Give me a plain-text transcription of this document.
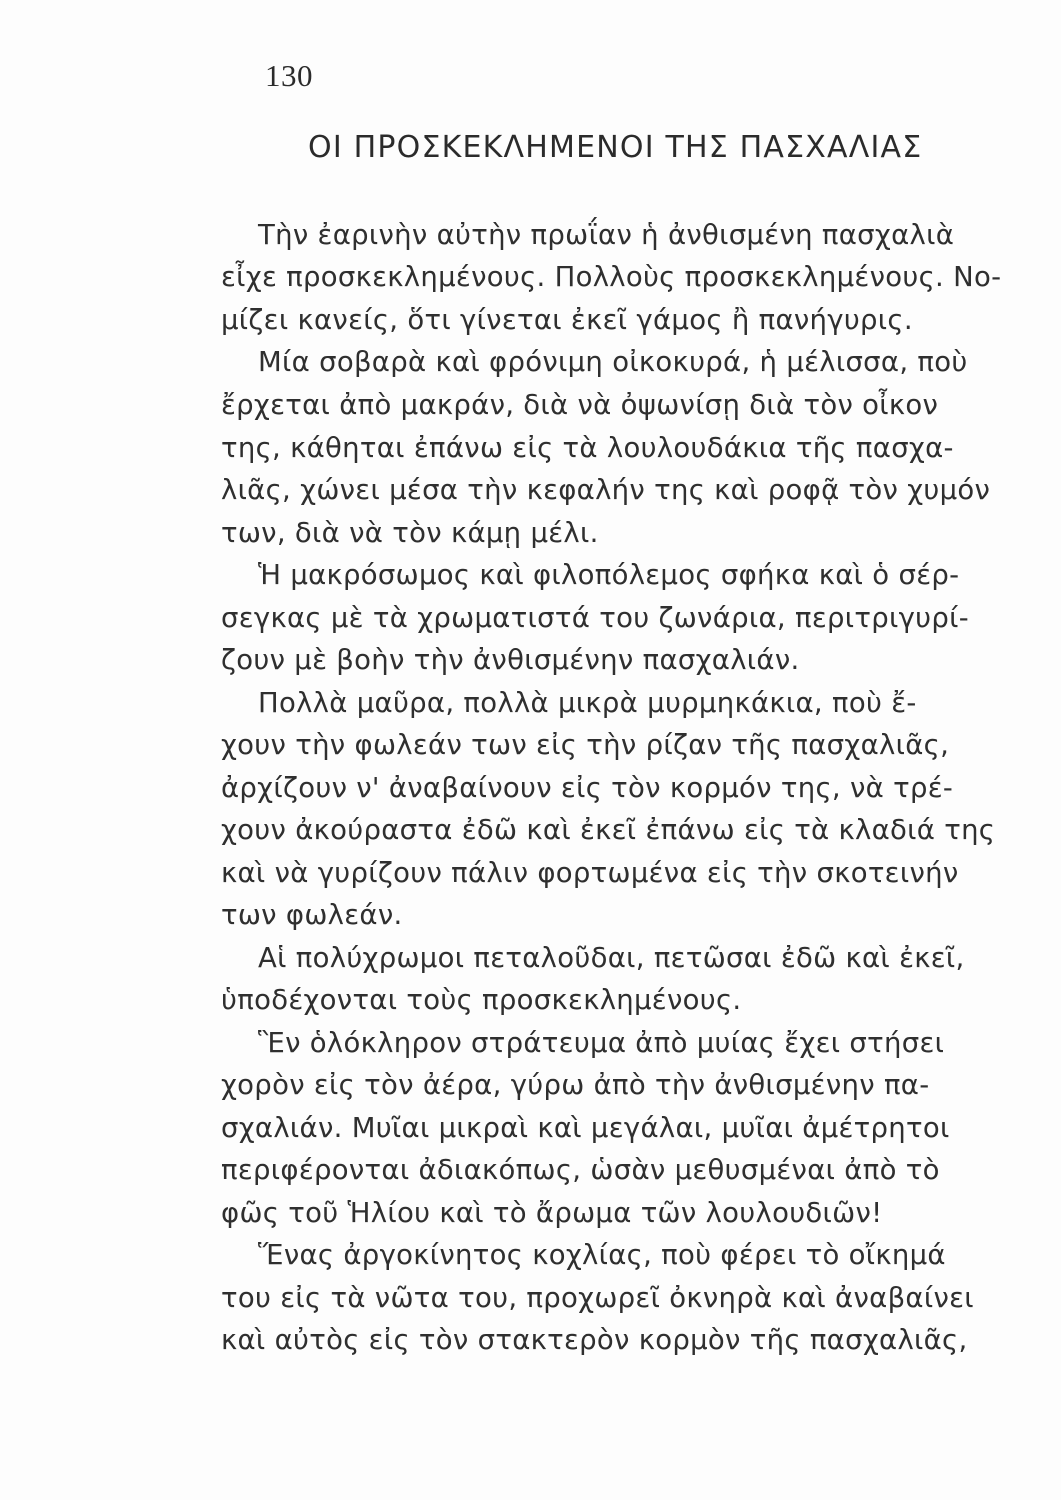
130
ΟΙ ΠΡΟΣΚΕΚΛΗΜΕΝΟΙ ΤΗΣ ΠΑΣΧΑΛΙΑΣ
Τὴν ἐαρινὴν αὐτὴν πρωΐαν ἡ ἀνθισμένη πασχαλιὰ
εἶχε προσκεκλημένους. Πολλοὺς προσκεκλημένους. Νο-
μίζει κανείς, ὅτι γίνεται ἐκεῖ γάμος ἢ πανήγυρις.
Μία σοβαρὰ καὶ φρόνιμη οἰκοκυρά, ἡ μέλισσα, ποὺ
ἔρχεται ἀπὸ μακράν, διὰ νὰ ὀψωνίσῃ διὰ τὸν οἶκον
της, κάθηται ἐπάνω εἰς τὰ λουλουδάκια τῆς πασχα-
λιᾶς, χώνει μέσα τὴν κεφαλήν της καὶ ροφᾷ τὸν χυμόν
των, διὰ νὰ τὸν κάμῃ μέλι.
Ἡ μακρόσωμος καὶ φιλοπόλεμος σφήκα καὶ ὁ σέρ-
σεγκας μὲ τὰ χρωματιστά του ζωνάρια, περιτριγυρί-
ζουν μὲ βοὴν τὴν ἀνθισμένην πασχαλιάν.
Πολλὰ μαῦρα, πολλὰ μικρὰ μυρμηκάκια, ποὺ ἔ-
χουν τὴν φωλεάν των εἰς τὴν ρίζαν τῆς πασχαλιᾶς,
ἀρχίζουν ν' ἀναβαίνουν εἰς τὸν κορμόν της, νὰ τρέ-
χουν ἀκούραστα ἐδῶ καὶ ἐκεῖ ἐπάνω εἰς τὰ κλαδιά της
καὶ νὰ γυρίζουν πάλιν φορτωμένα εἰς τὴν σκοτεινήν
των φωλεάν.
Αἱ πολύχρωμοι πεταλοῦδαι, πετῶσαι ἐδῶ καὶ ἐκεῖ,
ὑποδέχονται τοὺς προσκεκλημένους.
Ἓν ὁλόκληρον στράτευμα ἀπὸ μυίας ἔχει στήσει
χορὸν εἰς τὸν ἀέρα, γύρω ἀπὸ τὴν ἀνθισμένην πα-
σχαλιάν. Μυῖαι μικραὶ καὶ μεγάλαι, μυῖαι ἀμέτρητοι
περιφέρονται ἀδιακόπως, ὡσὰν μεθυσμέναι ἀπὸ τὸ
φῶς τοῦ Ἡλίου καὶ τὸ ἄρωμα τῶν λουλουδιῶν!
Ἕνας ἀργοκίνητος κοχλίας, ποὺ φέρει τὸ οἴκημά
του εἰς τὰ νῶτα του, προχωρεῖ ὀκνηρὰ καὶ ἀναβαίνει
καὶ αὐτὸς εἰς τὸν στακτερὸν κορμὸν τῆς πασχαλιᾶς,
